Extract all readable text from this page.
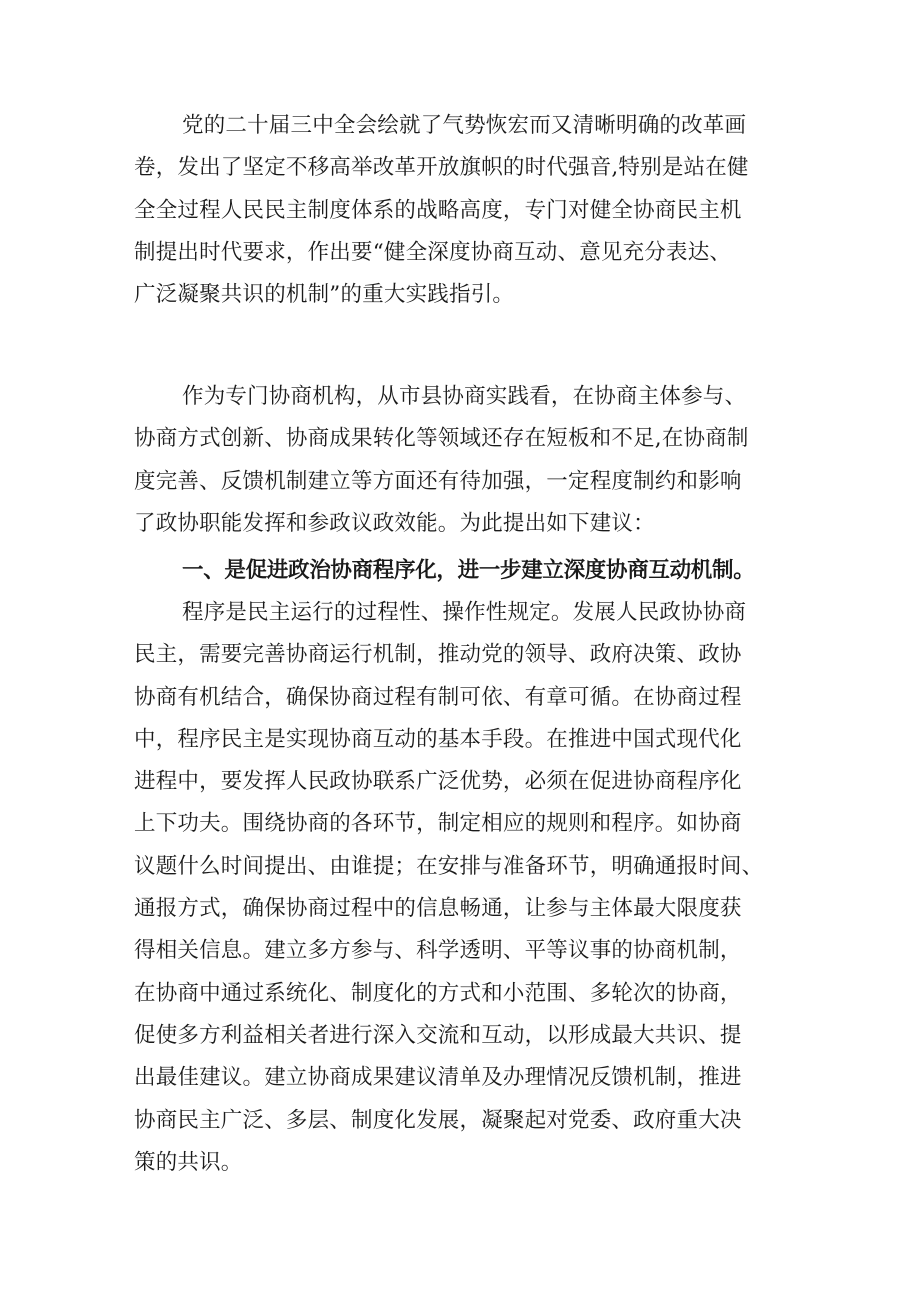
党的二十届三中全会绘就了气势恢宏而又清晰明确的改革画
卷，发出了坚定不移高举改革开放旗帜的时代强音,特别是站在健
全全过程人民民主制度体系的战略高度，专门对健全协商民主机
制提出时代要求，作出要“健全深度协商互动、意见充分表达、
广泛凝聚共识的机制”的重大实践指引。
作为专门协商机构，从市县协商实践看，在协商主体参与、
协商方式创新、协商成果转化等领域还存在短板和不足,在协商制
度完善、反馈机制建立等方面还有待加强，一定程度制约和影响
了政协职能发挥和参政议政效能。为此提出如下建议：
一、是促进政治协商程序化，进一步建立深度协商互动机制。
程序是民主运行的过程性、操作性规定。发展人民政协协商
民主，需要完善协商运行机制，推动党的领导、政府决策、政协
协商有机结合，确保协商过程有制可依、有章可循。在协商过程
中，程序民主是实现协商互动的基本手段。在推进中国式现代化
进程中，要发挥人民政协联系广泛优势，必须在促进协商程序化
上下功夫。围绕协商的各环节，制定相应的规则和程序。如协商
议题什么时间提出、由谁提；在安排与准备环节，明确通报时间、
通报方式，确保协商过程中的信息畅通，让参与主体最大限度获
得相关信息。建立多方参与、科学透明、平等议事的协商机制，
在协商中通过系统化、制度化的方式和小范围、多轮次的协商，
促使多方利益相关者进行深入交流和互动，以形成最大共识、提
出最佳建议。建立协商成果建议清单及办理情况反馈机制，推进
协商民主广泛、多层、制度化发展，凝聚起对党委、政府重大决
策的共识。
